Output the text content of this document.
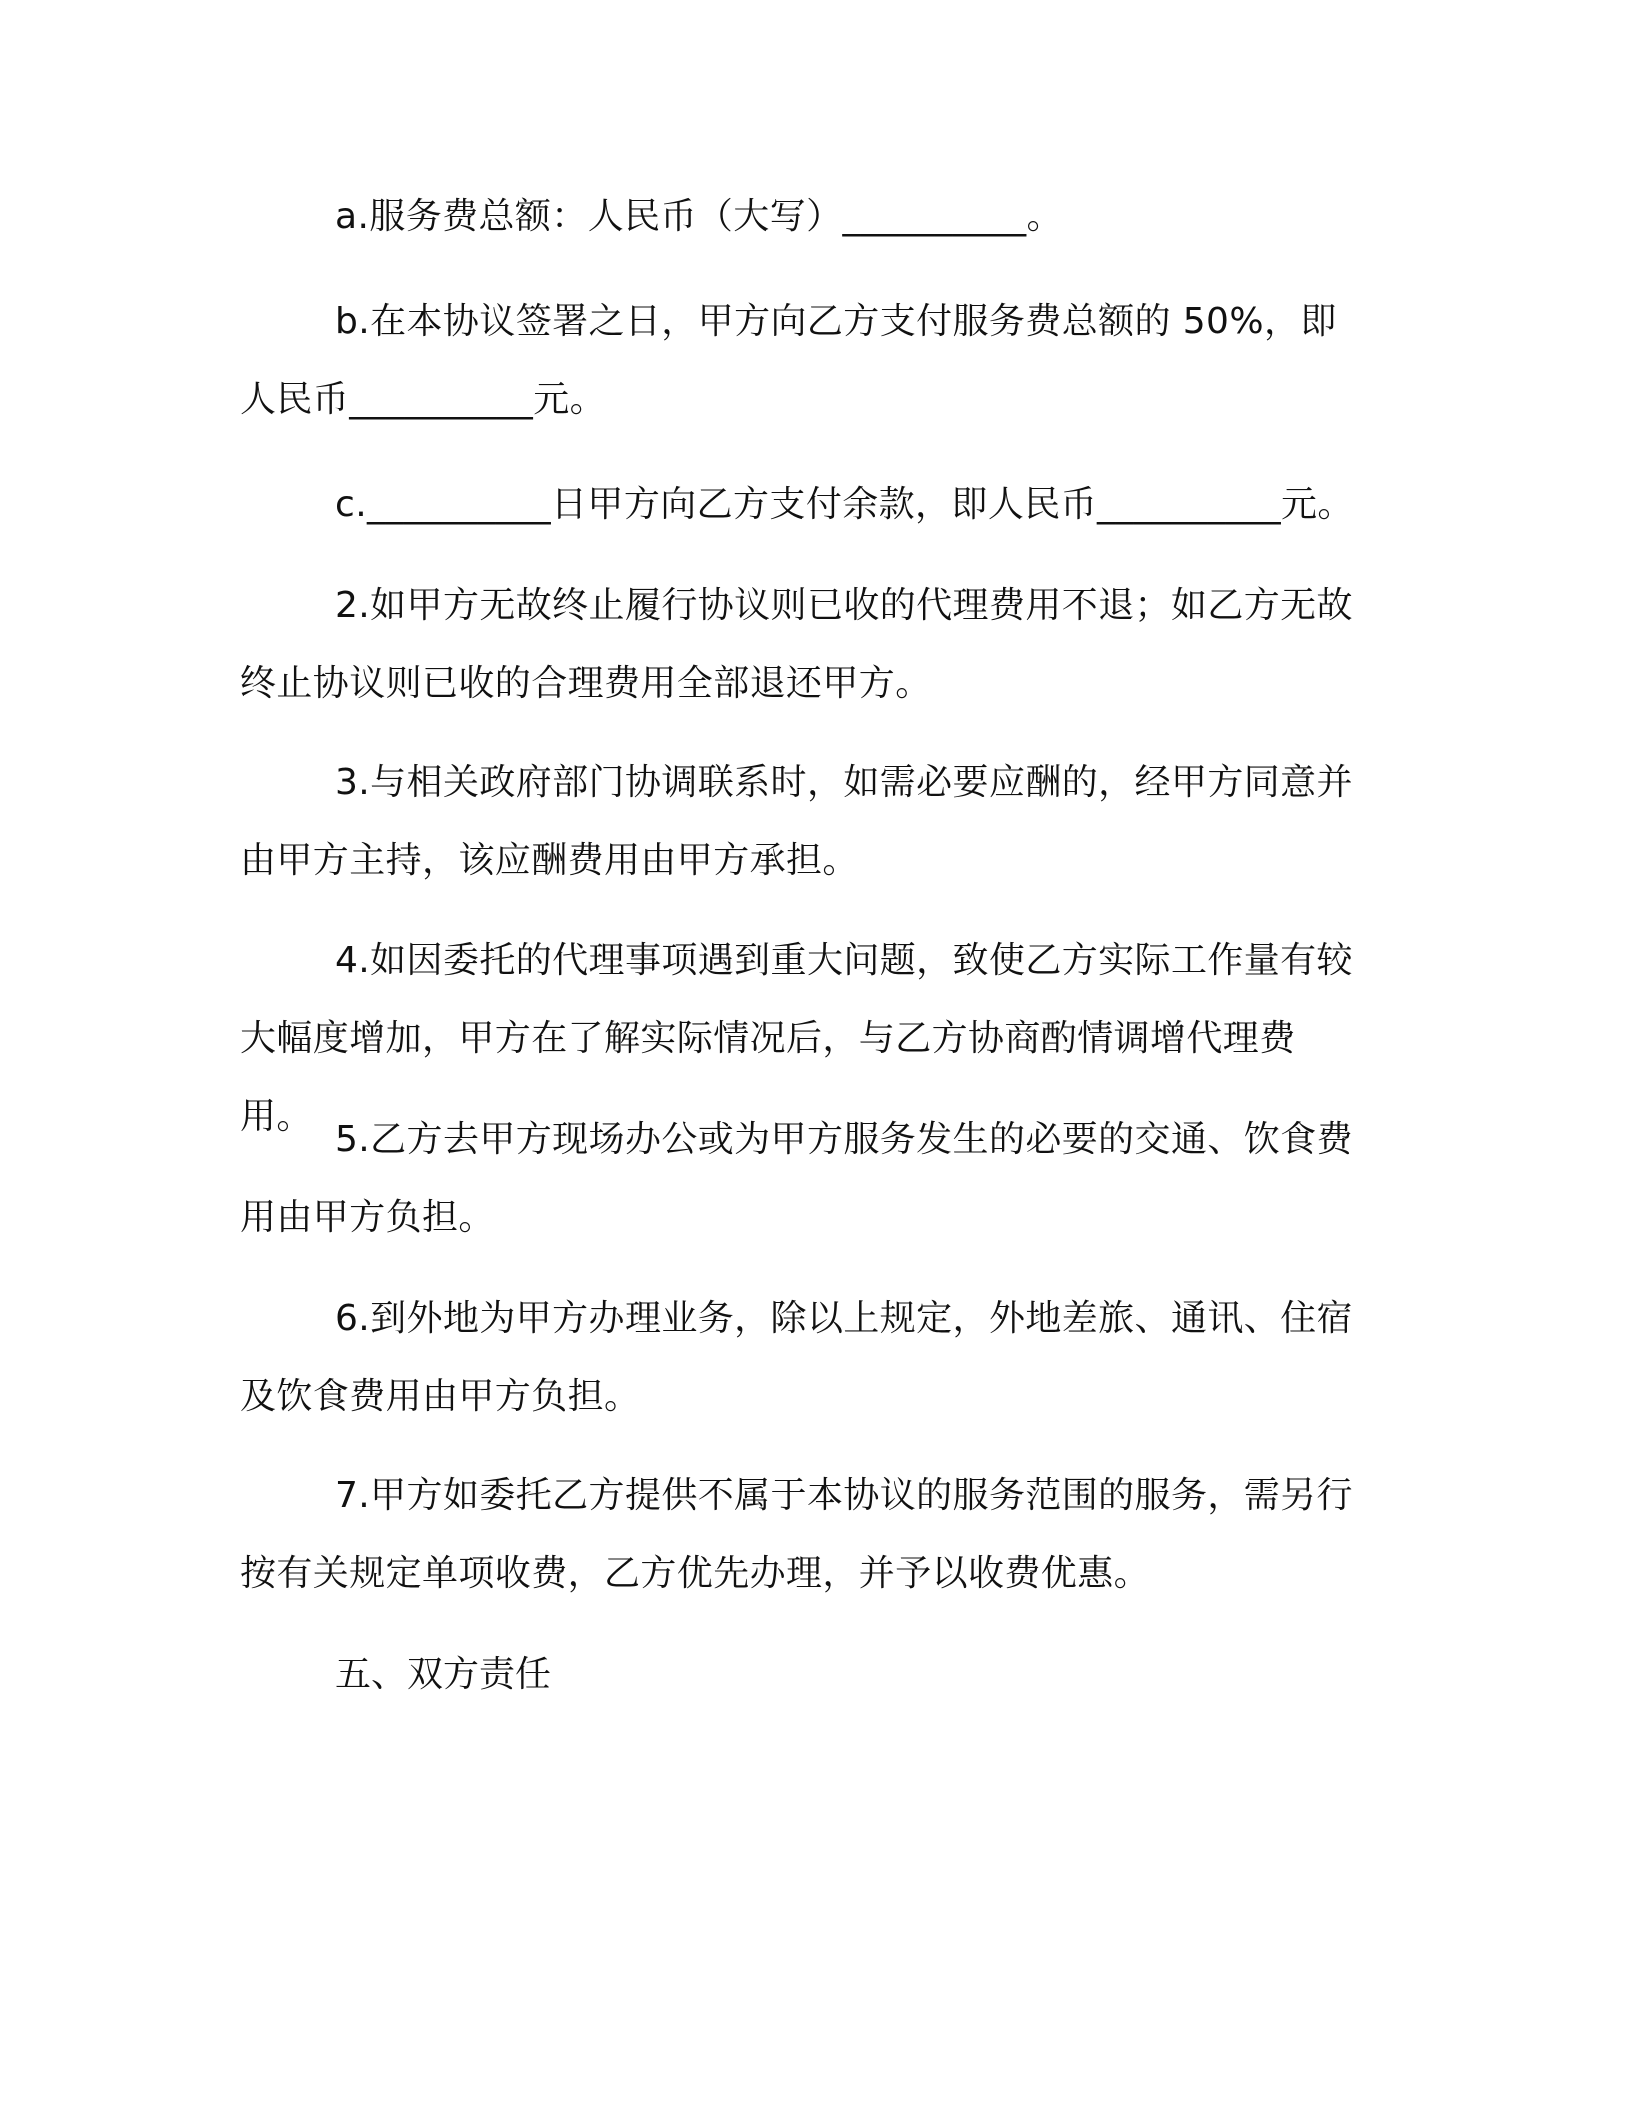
a.服务费总额：人民币（大写）__________。

b.在本协议签署之日，甲方向乙方支付服务费总额的 50%，即人民币__________元。

c.__________日甲方向乙方支付余款，即人民币__________元。

2.如甲方无故终止履行协议则已收的代理费用不退；如乙方无故终止协议则已收的合理费用全部退还甲方。

3.与相关政府部门协调联系时，如需必要应酬的，经甲方同意并由甲方主持，该应酬费用由甲方承担。

4.如因委托的代理事项遇到重大问题，致使乙方实际工作量有较大幅度增加，甲方在了解实际情况后，与乙方协商酌情调增代理费用。

5.乙方去甲方现场办公或为甲方服务发生的必要的交通、饮食费用由甲方负担。

6.到外地为甲方办理业务，除以上规定，外地差旅、通讯、住宿及饮食费用由甲方负担。

7.甲方如委托乙方提供不属于本协议的服务范围的服务，需另行按有关规定单项收费，乙方优先办理，并予以收费优惠。

五、双方责任
